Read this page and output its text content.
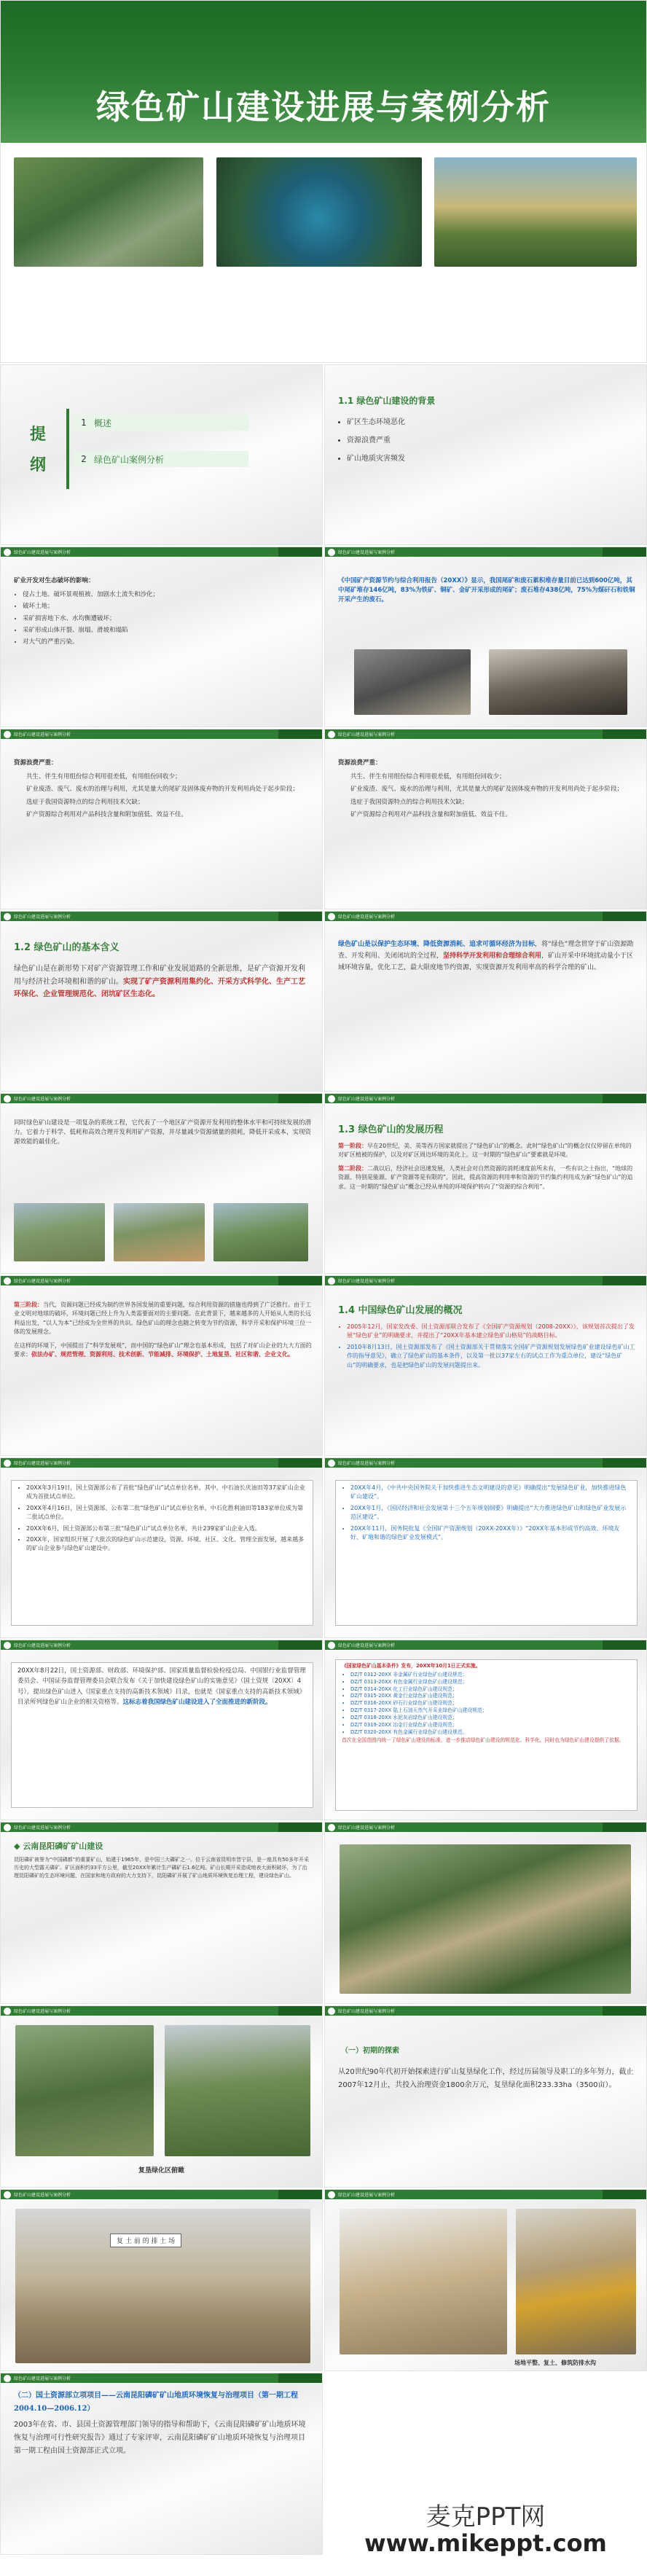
绿色矿山建设进展与案例分析
提纲
1 概述
2 绿色矿山案例分析
1.1 绿色矿山建设的背景
• 矿区生态环境恶化
• 资源浪费严重
• 矿山地质灾害频发
绿色矿山建设进展与案例分析
矿业开发对生态破坏的影响：
• 侵占土地、破坏景观植被、加剧水土流失和沙化；
• 破坏土地；
• 采矿损害地下水、水均衡遭破坏；
• 采矿形成山体开裂、崩塌、滑坡和塌陷
• 对大气的严重污染。
绿色矿山建设进展与案例分析
《中国矿产资源节约与综合利用报告（20XX）》显示，我国尾矿和废石累积堆存量目前已达到600亿吨，其中尾矿堆存146亿吨，83%为铁矿、铜矿、金矿开采形成的尾矿；废石堆存438亿吨，75%为煤矸石和铁铜开采产生的废石。
绿色矿山建设进展与案例分析
资源浪费严重：
共生、伴生有用组份综合利用很差低，有用组份回收少；
矿业废渣、废气、废水的治理与利用，尤其是量大的尾矿及固体废弃物的开发利用尚处于起步阶段；
选症于我国资源特点的综合利用技术欠缺；
矿产资源综合利用对产品科技含量和附加值低、效益不佳。
绿色矿山建设进展与案例分析
资源浪费严重：
共生、伴生有用组份综合利用很差低，有用组份回收少；
矿业废渣、废气、废水的治理与利用，尤其是量大的尾矿及固体废弃物的开发利用尚处于起步阶段；
选症于我国资源特点的综合利用技术欠缺；
矿产资源综合利用对产品科技含量和附加值低、效益不佳。
绿色矿山建设进展与案例分析
1.2 绿色矿山的基本含义
绿色矿山是在新形势下对矿产资源管理工作和矿业发展道路的全新思维，是矿产资源开发利用与经济社会环境相和谐的矿山。实现了矿产资源利用集约化、开采方式科学化、生产工艺环保化、企业管理规范化、闭坑矿区生态化。
绿色矿山建设进展与案例分析
绿色矿山是以保护生态环境、降低资源消耗、追求可循环经济为目标，将“绿色”理念贯穿于矿山资源勘查、开发利用、关闭闭坑的全过程，坚持科学开发利用和合理综合利用，矿山开采中环境扰动量小于区域环境容量，优化工艺，最大限度地节约资源，实现资源开发利用率高的科学合理的矿山。
绿色矿山建设进展与案例分析
同时绿色矿山建设是一项复杂的系统工程，它代表了一个地区矿产资源开发利用的整体水平和可持续发展的潜力。它着力于科学、低耗和高效合理开发利用矿产资源，并尽量减少资源储量的损耗，降低开采成本，实现资源效能的最佳化。
绿色矿山建设进展与案例分析
1.3 绿色矿山的发展历程
第一阶段：早在20世纪，美、英等西方国家就提出了“绿色矿山”的概念。此时“绿色矿山”的概念仅仅停留在单纯的对矿区植被的保护，以及对矿区周边环境的美化上。这一时期的“绿色矿山”要素就是环境。
第二阶段：二战以后，经济社会迅速发展，人类社会对自然资源的消耗速度前所未有，一些有识之士指出，“地球的资源、特别是能源、矿产资源等是有限的”，因此，提高资源的利用率和资源的节约集约利用成为新“绿色矿山”的追求。这一时期的“绿色矿山”概念已经从单纯的环境保护转向了“资源的综合利用”。
绿色矿山建设进展与案例分析
第三阶段：当代，资源问题已经成为制约世界各国发展的重要问题，综合利用资源的措施也得到了广泛推行。由于工业文明对地球的破坏，环境问题已经上升为人类需要面对的主要问题。在此背景下，越来越多的人开始从人类的长远利益出发，“以人为本”已经成为全世界的共识。绿色矿山的理念也随之转变为节约资源，科学开采和保护环境三位一体的发展理念。
在这样的环境下，中国提出了“科学发展观”，而中国的“绿色矿山”理念也基本形成，包括了对矿山企业的九大方面的要求：依法办矿、规范管理、资源利用、技术创新、节能减排、环境保护、土地复垦、社区和谐、企业文化。
绿色矿山建设进展与案例分析
1.4 中国绿色矿山发展的概况
• 2005年12月，国家发改委、国土资源部联合发布了《全国矿产资源规划（2008-20XX）》，该规划首次提出了发展“绿色矿业”的明确要求，并提出了“20XX年基本建立绿色矿山格局”的战略目标。
• 2010年8月13日，国土资源部发布了《国土资源部关于贯彻落实全国矿产资源规划发展绿色矿业建设绿色矿山工作的指导意见》，确立了绿色矿山的基本条件，以及第一批以37家左右的试点工作为重点单位，建设“绿色矿山”的明确要求，也是把绿色矿山的发展问题提出来。
绿色矿山建设进展与案例分析
• 20XX年3月19日，国土资源部公布了首批“绿色矿山”试点单位名单，其中，中石油长庆油田等37家矿山企业成为首批试点单位。
• 20XX年4月16日，国土资源部、公布第二批“绿色矿山”试点单位名单，中石化胜利油田等183家单位成为第二批试点单位。
• 20XX年6月，国土资源部公布第三批“绿色矿山”试点单位名单，共计239家矿山企业入选。
• 20XX年，国家组织开展了大批次的绿色矿山示范建设，资源、环境、社区、文化、管理全面发展，越来越多的矿山企业参与绿色矿山建设中。
绿色矿山建设进展与案例分析
• 20XX年4月，《中共中央国务院关于加快推进生态文明建设的意见》明确提出“发展绿色矿业，加快推进绿色矿山建设”。
• 20XX年1月，《国民经济和社会发展第十三个五年规划纲要》明确提出“大力推进绿色矿山和绿色矿业发展示范区建设”。
• 20XX年11月，国务院批复《全国矿产资源规划（20XX-20XX年）》“20XX年基本形成节约高效、环境友好、矿地和谐的绿色矿业发展模式”。
绿色矿山建设进展与案例分析
20XX年8月22日，国土资源部、财政部、环境保护部、国家质量监督检验检疫总局、中国银行业监督管理委员会、中国证券监督管理委员会联合发布《关于加快建设绿色矿山的实施意见》（国土资规〔20XX〕4号），提出绿色矿山进入《国家重点支持的高新技术领域》目录，也就是《国家重点支持的高新技术领域》目录所列绿色矿山企业的相关资格等。这标志着我国绿色矿山建设进入了全面推进的新阶段。
绿色矿山建设进展与案例分析
《国家绿色矿山基本条件》发布，20XX年10月1日正式实施。
• DZ/T 0312-20XX 非金属矿行业绿色矿山建设规范；
• DZ/T 0313-20XX 有色金属行业绿色矿山建设规范；
• DZ/T 0314-20XX 化工行业绿色矿山建设规范；
• DZ/T 0315-20XX 黄金行业绿色矿山建设规范；
• DZ/T 0316-20XX 砂石行业绿色矿山建设规范；
• DZ/T 0317-20XX 陆上石油天然气开采业绿色矿山建设规范；
• DZ/T 0318-20XX 水泥灰岩绿色矿山建设规范；
• DZ/T 0319-20XX 冶金行业绿色矿山建设规范；
• DZ/T 0320-20XX 有色金属行业绿色矿山建设规范。
首次在全国范围内统一了绿色矿山建设的标准，进一步推动绿色矿山建设的规范化、科学化，同时也为绿色矿山建设提供了依据。
绿色矿山建设进展与案例分析
◆ 云南昆阳磷矿矿山建设
昆阳磷矿被誉为“中国磷都”的重要矿山，始建于1965年，是中国三大磷矿之一。位于云南省昆明市晋宁县，是一座具有50多年开采历史的大型露天磷矿。矿区面积约33平方公里，截至20XX年累计生产磷矿石1.6亿吨。矿山长期开采造成地表大面积破坏，为了治理昆阳磷矿的生态环境问题，在国家和地方政府的大力支持下，昆阳磷矿开展了矿山地质环境恢复治理工程，建设绿色矿山。
绿色矿山建设进展与案例分析
绿色矿山建设进展与案例分析
复垦绿化区俯瞰
绿色矿山建设进展与案例分析
（一）初期的探索
从20世纪90年代初开始探索进行矿山复垦绿化工作，经过历届领导及职工的多年努力，截止2007年12月止，共投入治理资金1800余万元，复垦绿化面积233.33ha（3500亩）。
绿色矿山建设进展与案例分析
复 土 前 的 排 土 场
绿色矿山建设进展与案例分析
场地平整、复土、修筑防排水沟
绿色矿山建设进展与案例分析
（二）国土资源部立项项目——云南昆阳磷矿矿山地质环境恢复与治理项目（第一期工程2004.10—2006.12）
2003年在省、市、县国土资源管理部门领导的指导和帮助下，《云南昆阳磷矿矿山地质环境恢复与治理可行性研究报告》通过了专家评审，云南昆阳磷矿矿山地质环境恢复与治理项目第一期工程由国土资源部正式立项。
麦克PPT网
www.mikeppt.com
